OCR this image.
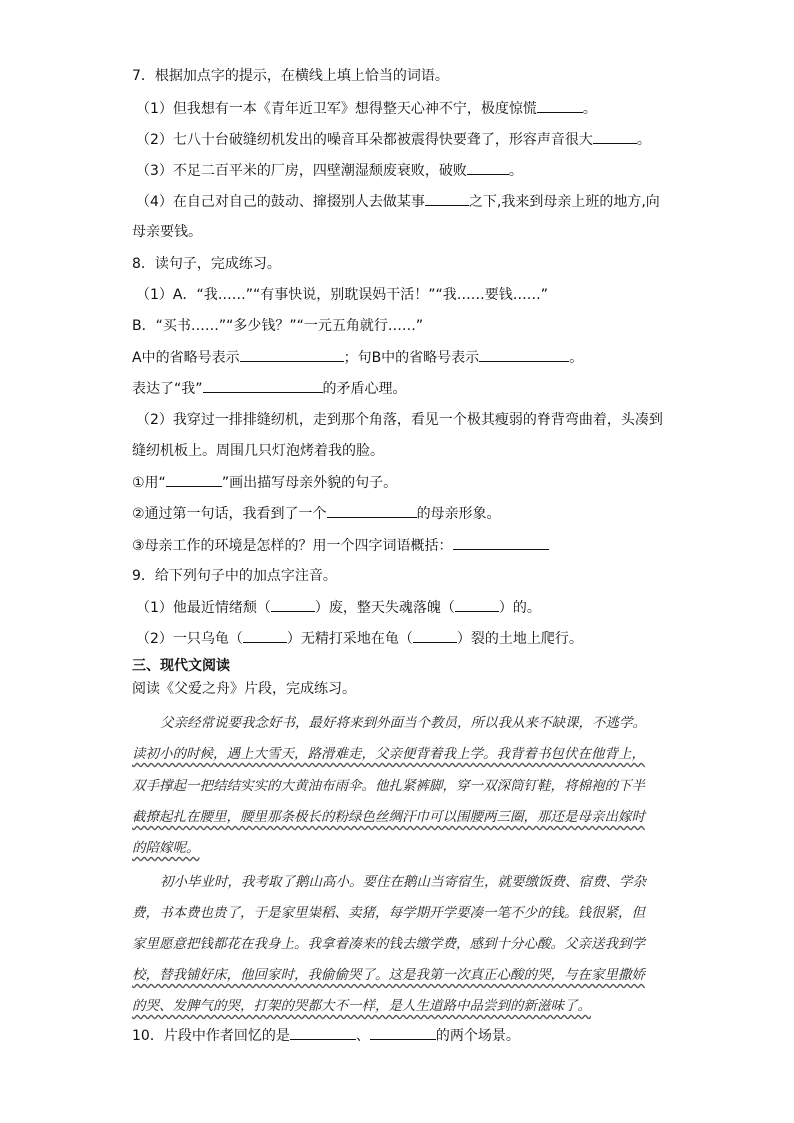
7．根据加点字的提示，在横线上填上恰当的词语。
（1）但我想有一本《青年近卫军》想得整天心神不宁，极度惊慌	。
（2）七八十台破缝纫机发出的噪音耳朵都被震得快要聋了，形容声音很大	。
（3）不足二百平米的厂房，四壁潮湿颓废衰败，破败	。
（4）在自己对自己的鼓动、撺掇别人去做某事	之下,我来到母亲上班的地方,向
母亲要钱。
8．读句子，完成练习。
（1）A．“我……”“有事快说，别耽误妈干活！”“我……要钱……”
B．“买书……”“多少钱？”“一元五角就行……”
A中的省略号表示	；句B中的省略号表示	。
表达了“我”	的矛盾心理。
（2）我穿过一排排缝纫机，走到那个角落，看见一个极其瘦弱的脊背弯曲着，头凑到
缝纫机板上。周围几只灯泡烤着我的脸。
①用“	”画出描写母亲外貌的句子。
②通过第一句话，我看到了一个	的母亲形象。
③母亲工作的环境是怎样的？用一个四字词语概括：
9．给下列句子中的加点字注音。
（1）他最近情绪颓（	）废，整天失魂落魄（	）的。
（2）一只乌龟（	）无精打采地在龟（	）裂的土地上爬行。
三、现代文阅读
阅读《父爱之舟》片段，完成练习。
父亲经常说要我念好书，最好将来到外面当个教员，所以我从来不缺课，不逃学。
读初小的时候，遇上大雪天，路滑难走，父亲便背着我上学。我背着书包伏在他背上，
双手撑起一把结结实实的大黄油布雨伞。他扎紧裤脚，穿一双深筒钉鞋，将棉袍的下半
截撩起扎在腰里，腰里那条极长的粉绿色丝绸汗巾可以围腰两三圈，那还是母亲出嫁时
的陪嫁呢。
初小毕业时，我考取了鹅山高小。要住在鹅山当寄宿生，就要缴饭费、宿费、学杂
费，书本费也贵了，于是家里粜稻、卖猪，每学期开学要凑一笔不少的钱。钱很紧，但
家里愿意把钱都花在我身上。我拿着凑来的钱去缴学费，感到十分心酸。父亲送我到学
校，替我铺好床，他回家时，我偷偷哭了。这是我第一次真正心酸的哭，与在家里撒娇
的哭、发脾气的哭，打架的哭都大不一样，是人生道路中品尝到的新滋味了。
10．片段中作者回忆的是	、	的两个场景。
